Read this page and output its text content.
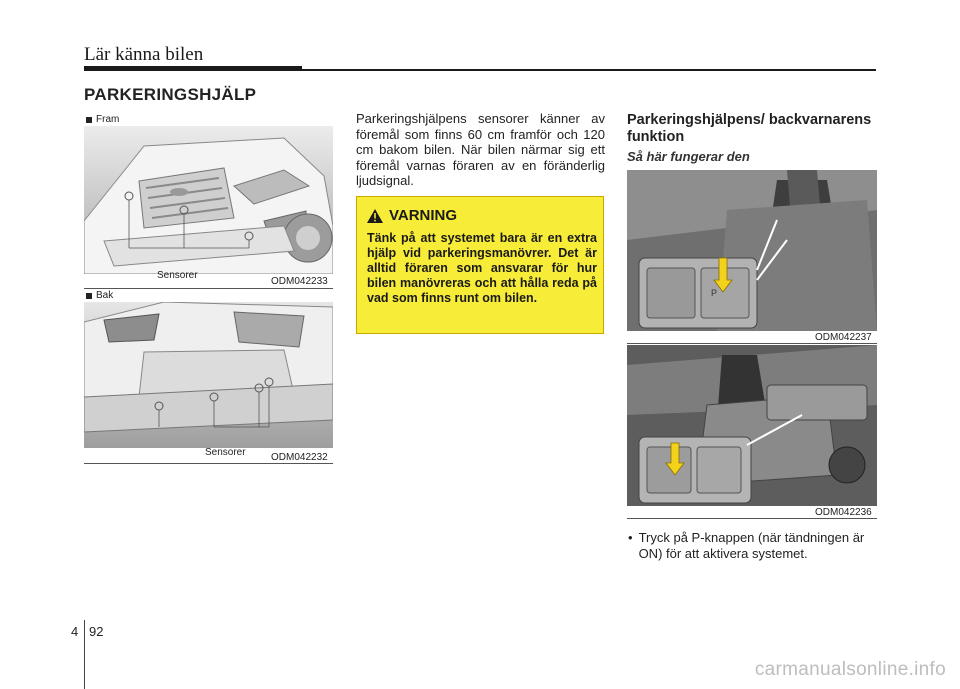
Lär känna bilen
PARKERINGSHJÄLP
Fram
Sensorer
ODM042233
Bak
Sensorer	ODM042232
Parkeringshjälpens sensorer känner av föremål som finns 60 cm framför och 120 cm bakom bilen. När bilen närmar sig ett föremål varnas föraren av en föränderlig ljudsignal.
VARNING
Tänk på att systemet bara är en extra hjälp vid parkeringsmanövrer. Det är alltid föraren som ansvarar för hur bilen manövreras och att hålla reda på vad som finns runt om bilen.
Parkeringshjälpens/ backvarnarens funktion
Så här fungerar den
P
ODM042237
ODM042236
• Tryck på P-knappen (när tändningen är ON) för att aktivera systemet.
4 92
carmanualsonline.info
